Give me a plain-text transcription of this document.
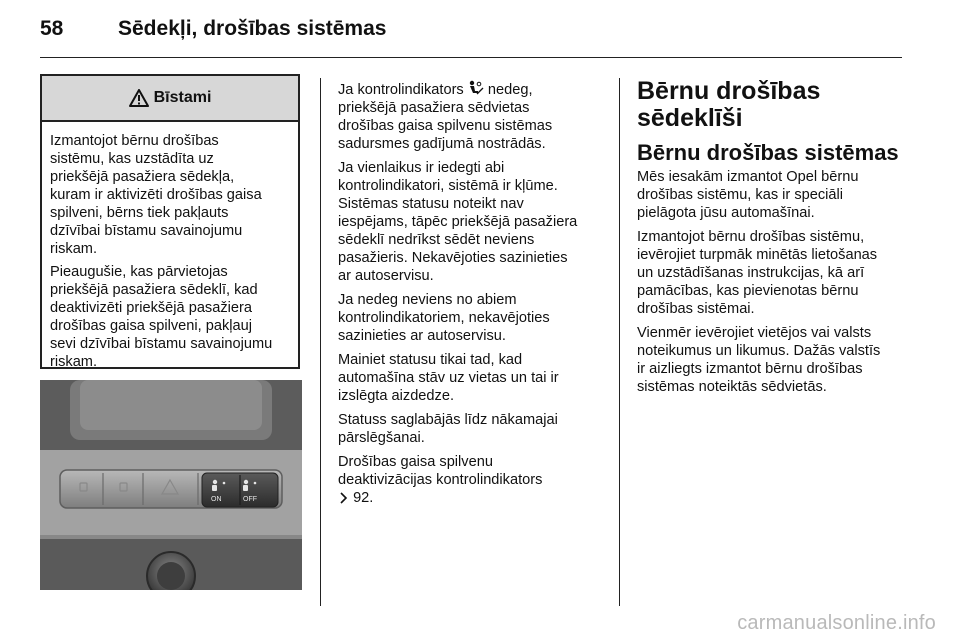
58	Sēdekļi, drošības sistēmas
Bīstami

Izmantojot bērnu drošības
sistēmu, kas uzstādīta uz
priekšējā pasažiera sēdekļa,
kuram ir aktivizēti drošības gaisa
spilveni, bērns tiek pakļauts
dzīvībai bīstamu savainojumu
riskam.

Pieaugušie, kas pārvietojas
priekšējā pasažiera sēdeklī, kad
deaktivizēti priekšējā pasažiera
drošības gaisa spilveni, pakļauj
sevi dzīvībai bīstamu savainojumu
riskam.

ON	OFF

Ja kontrolindikators nedeg,
priekšējā pasažiera sēdvietas
drošības gaisa spilvenu sistēmas
sadursmes gadījumā nostrādās.

Ja vienlaikus ir iedegti abi
kontrolindikatori, sistēmā ir kļūme.
Sistēmas statusu noteikt nav
iespējams, tāpēc priekšējā pasažiera
sēdeklī nedrīkst sēdēt neviens
pasažieris. Nekavējoties sazinieties
ar autoservisu.

Ja nedeg neviens no abiem
kontrolindikatoriem, nekavējoties
sazinieties ar autoservisu.

Mainiet statusu tikai tad, kad
automašīna stāv uz vietas un tai ir
izslēgta aizdedze.

Statuss saglabājās līdz nākamajai
pārslēgšanai.

Drošības gaisa spilvenu
deaktivizācijas kontrolindikators
92.

Bērnu drošības
sēdeklīši
Bērnu drošības sistēmas

Mēs iesakām izmantot Opel bērnu
drošības sistēmu, kas ir speciāli
pielāgota jūsu automašīnai.

Izmantojot bērnu drošības sistēmu,
ievērojiet turpmāk minētās lietošanas
un uzstādīšanas instrukcijas, kā arī
pamācības, kas pievienotas bērnu
drošības sistēmai.

Vienmēr ievērojiet vietējos vai valsts
noteikumus un likumus. Dažās valstīs
ir aizliegts izmantot bērnu drošības
sistēmas noteiktās sēdvietās.

carmanualsonline.info
